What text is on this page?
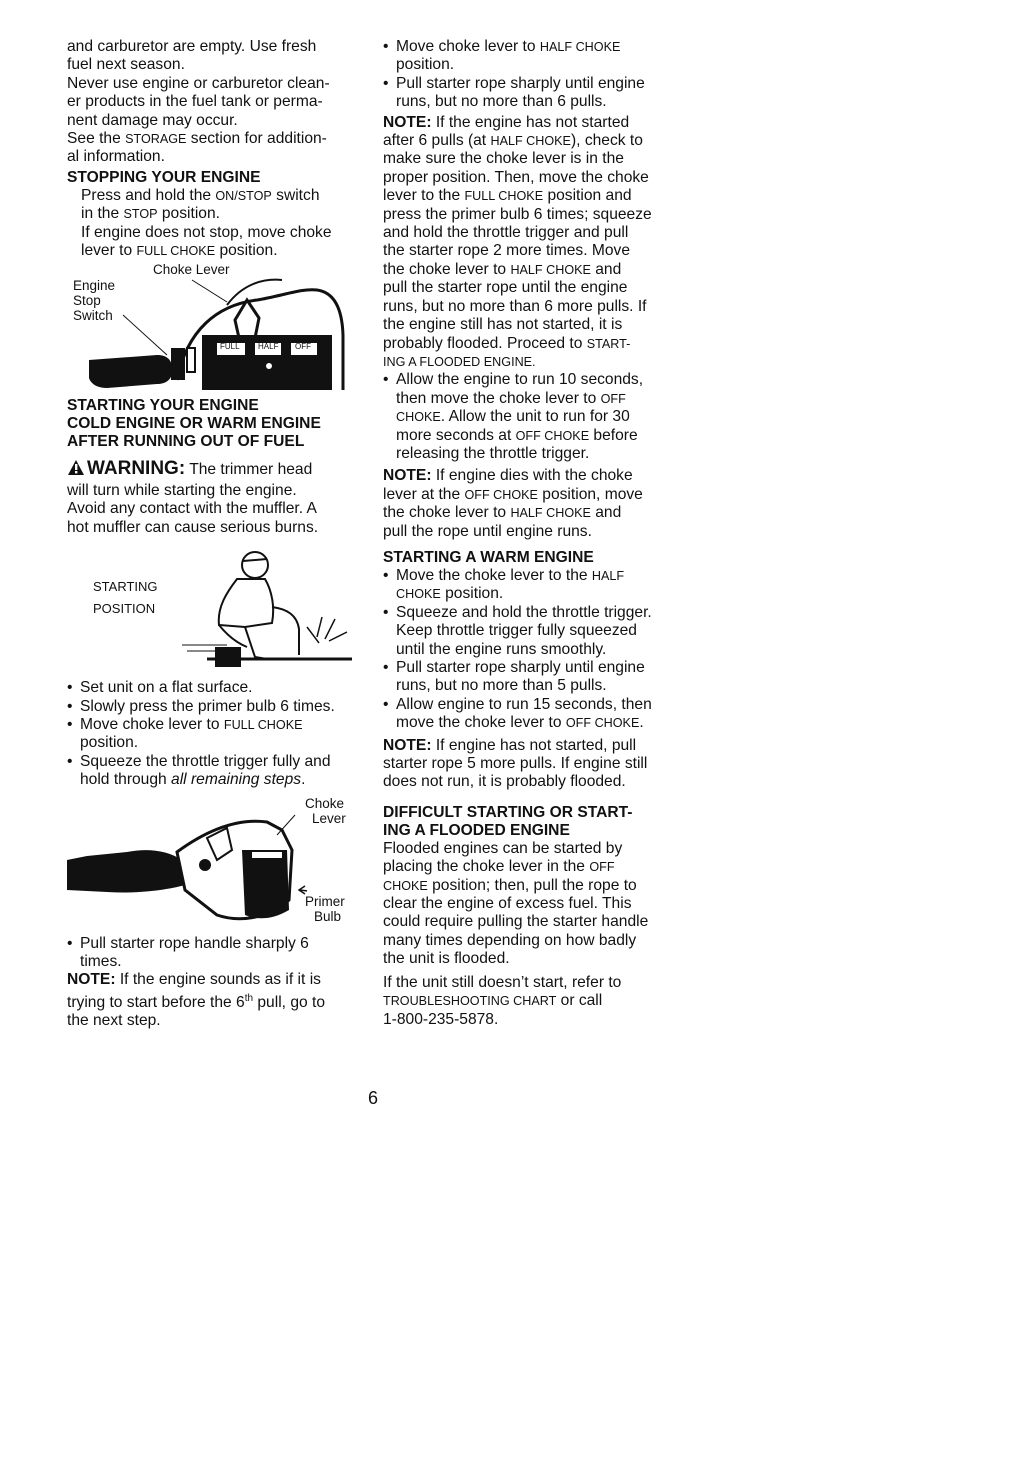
and carburetor are empty. Use fresh
fuel next season.

Never use engine or carburetor clean-
er products in the fuel tank or perma-
nent damage may occur.

See the STORAGE section for addition-
al information.

STOPPING YOUR ENGINE

Press and hold the ON/STOP switch
in the STOP position.

If engine does not stop, move choke
lever to FULL CHOKE position.

Choke Lever
Engine
Stop
Switch
FULL HALF OFF

STARTING YOUR ENGINE
COLD ENGINE OR WARM ENGINE
AFTER RUNNING OUT OF FUEL

WARNING: The trimmer head
will turn while starting the engine.
Avoid any contact with the muffler. A
hot muffler can cause serious burns.

STARTING
POSITION

• Set unit on a flat surface.

• Slowly press the primer bulb 6 times.

• Move choke lever to FULL CHOKE
position.

• Squeeze the throttle trigger fully and
hold through all remaining steps.

Choke
Lever
Primer
Bulb

• Pull starter rope handle sharply 6
times.

NOTE: If the engine sounds as if it is
trying to start before the 6th pull, go to
the next step.

• Move choke lever to HALF CHOKE
position.

• Pull starter rope sharply until engine
runs, but no more than 6 pulls.

NOTE: If the engine has not started
after 6 pulls (at HALF CHOKE), check to
make sure the choke lever is in the
proper position. Then, move the choke
lever to the FULL CHOKE position and
press the primer bulb 6 times; squeeze
and hold the throttle trigger and pull
the starter rope 2 more times. Move
the choke lever to HALF CHOKE and
pull the starter rope until the engine
runs, but no more than 6 more pulls. If
the engine still has not started, it is
probably flooded. Proceed to START-
ING A FLOODED ENGINE.

• Allow the engine to run 10 seconds,
then move the choke lever to OFF
CHOKE. Allow the unit to run for 30
more seconds at OFF CHOKE before
releasing the throttle trigger.

NOTE: If engine dies with the choke
lever at the OFF CHOKE position, move
the choke lever to HALF CHOKE and
pull the rope until engine runs.

STARTING A WARM ENGINE

• Move the choke lever to the HALF
CHOKE position.

• Squeeze and hold the throttle trigger.
Keep throttle trigger fully squeezed
until the engine runs smoothly.

• Pull starter rope sharply until engine
runs, but no more than 5 pulls.

• Allow engine to run 15 seconds, then
move the choke lever to OFF CHOKE.

NOTE: If engine has not started, pull
starter rope 5 more pulls. If engine still
does not run, it is probably flooded.

DIFFICULT STARTING OR START-
ING A FLOODED ENGINE

Flooded engines can be started by
placing the choke lever in the OFF
CHOKE position; then, pull the rope to
clear the engine of excess fuel. This
could require pulling the starter handle
many times depending on how badly
the unit is flooded.

If the unit still doesn’t start, refer to
TROUBLESHOOTING CHART or call
1-800-235-5878.

6
